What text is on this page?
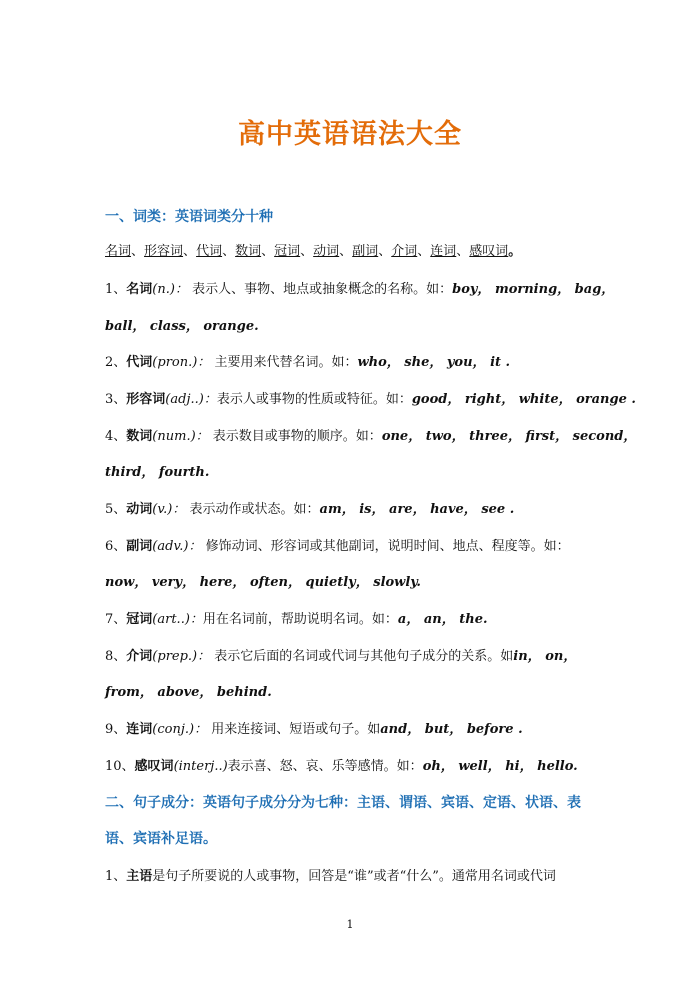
高中英语语法大全
一、词类：英语词类分十种
名词、形容词、代词、数词、冠词、动词、副词、介词、连词、感叹词。
1、名词(n.)： 表示人、事物、地点或抽象概念的名称。如：boy， morning， bag，
ball， class， orange.
2、代词(pron.)： 主要用来代替名词。如：who， she， you， it .
3、形容词(adj..)：表示人或事物的性质或特征。如：good， right， white， orange .
4、数词(num.)： 表示数目或事物的顺序。如：one， two， three， first， second，
third， fourth.
5、动词(v.)： 表示动作或状态。如：am， is， are， have， see .
6、副词(adv.)： 修饰动词、形容词或其他副词，说明时间、地点、程度等。如：
now， very， here， often， quietly， slowly.
7、冠词(art..)：用在名词前，帮助说明名词。如：a， an， the.
8、介词(prep.)： 表示它后面的名词或代词与其他句子成分的关系。如in， on，
from， above， behind.
9、连词(conj.)： 用来连接词、短语或句子。如and， but， before .
10、感叹词(interj..)表示喜、怒、哀、乐等感情。如：oh， well， hi， hello.
二、句子成分：英语句子成分分为七种：主语、谓语、宾语、定语、状语、表
语、宾语补足语。
1、主语是句子所要说的人或事物，回答是“谁”或者“什么”。通常用名词或代词
1
